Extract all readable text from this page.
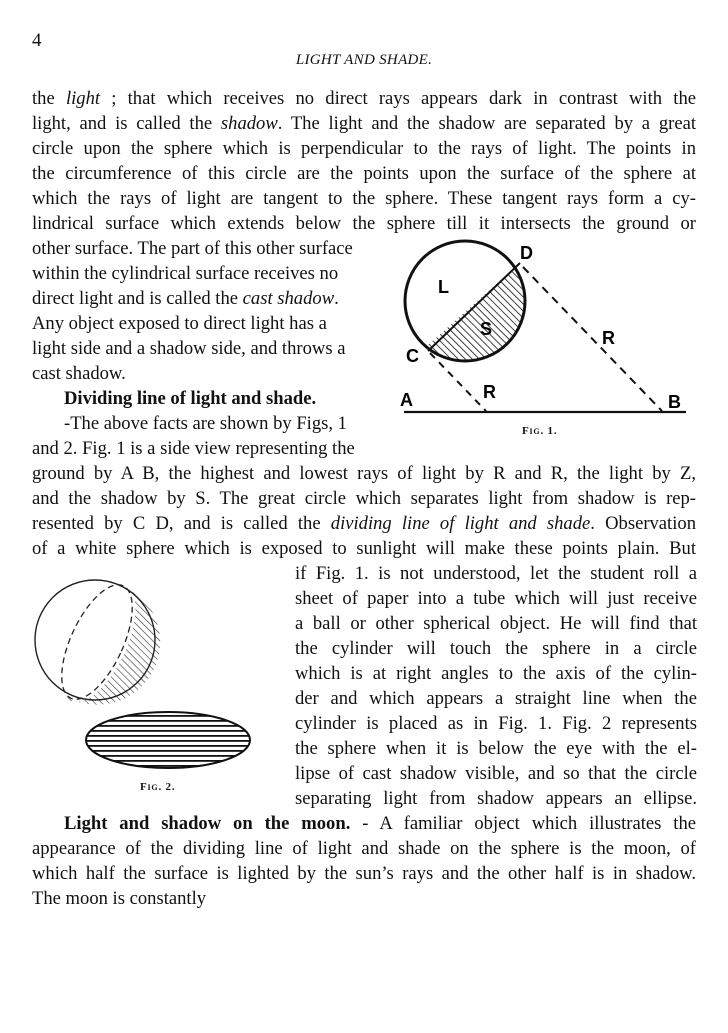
4
LIGHT AND SHADE.
the light ; that which receives no direct rays appears dark in contrast with the
light, and is called the shadow. The light and the shadow are separated by a great
circle upon the sphere which is perpendicular to the rays of light. The points in
the circumference of this circle are the points upon the surface of the sphere at
which the rays of light are tangent to the sphere. These tangent rays form a cy-
lindrical surface which extends below the sphere till it intersects the ground or
other surface. The part of this other surface
within the cylindrical surface receives no
direct light and is called the cast shadow.
Any object exposed to direct light has a
light side and a shadow side, and throws a
cast shadow.
Dividing line of light and shade.
-The above facts are shown by Figs, 1
and 2. Fig. 1 is a side view representing the
ground by A B, the highest and lowest rays of light by R and R, the light by Z,
and the shadow by S. The great circle which separates light from shadow is rep-
resented by C D, and is called the dividing line of light and shade. Observation
of a white sphere which is exposed to sunlight will make these points plain. But
if Fig. 1. is not understood, let the student roll a
sheet of paper into a tube which will just receive
a ball or other spherical object. He will find that
the cylinder will touch the sphere in a circle
which is at right angles to the axis of the cylin-
der and which appears a straight line when the
cylinder is placed as in Fig. 1. Fig. 2 represents
the sphere when it is below the eye with the el-
lipse of cast shadow visible, and so that the circle
separating light from shadow appears an ellipse.
Light and shadow on the moon. - A familiar object which illustrates the
appearance of the dividing line of light and shade on the sphere is the moon, of
which half the surface is lighted by the sun’s rays and the other half is in shadow.
The moon is constantly
D
L
S	R
C
A	R	B
Fig. 1.
Fig. 2.
